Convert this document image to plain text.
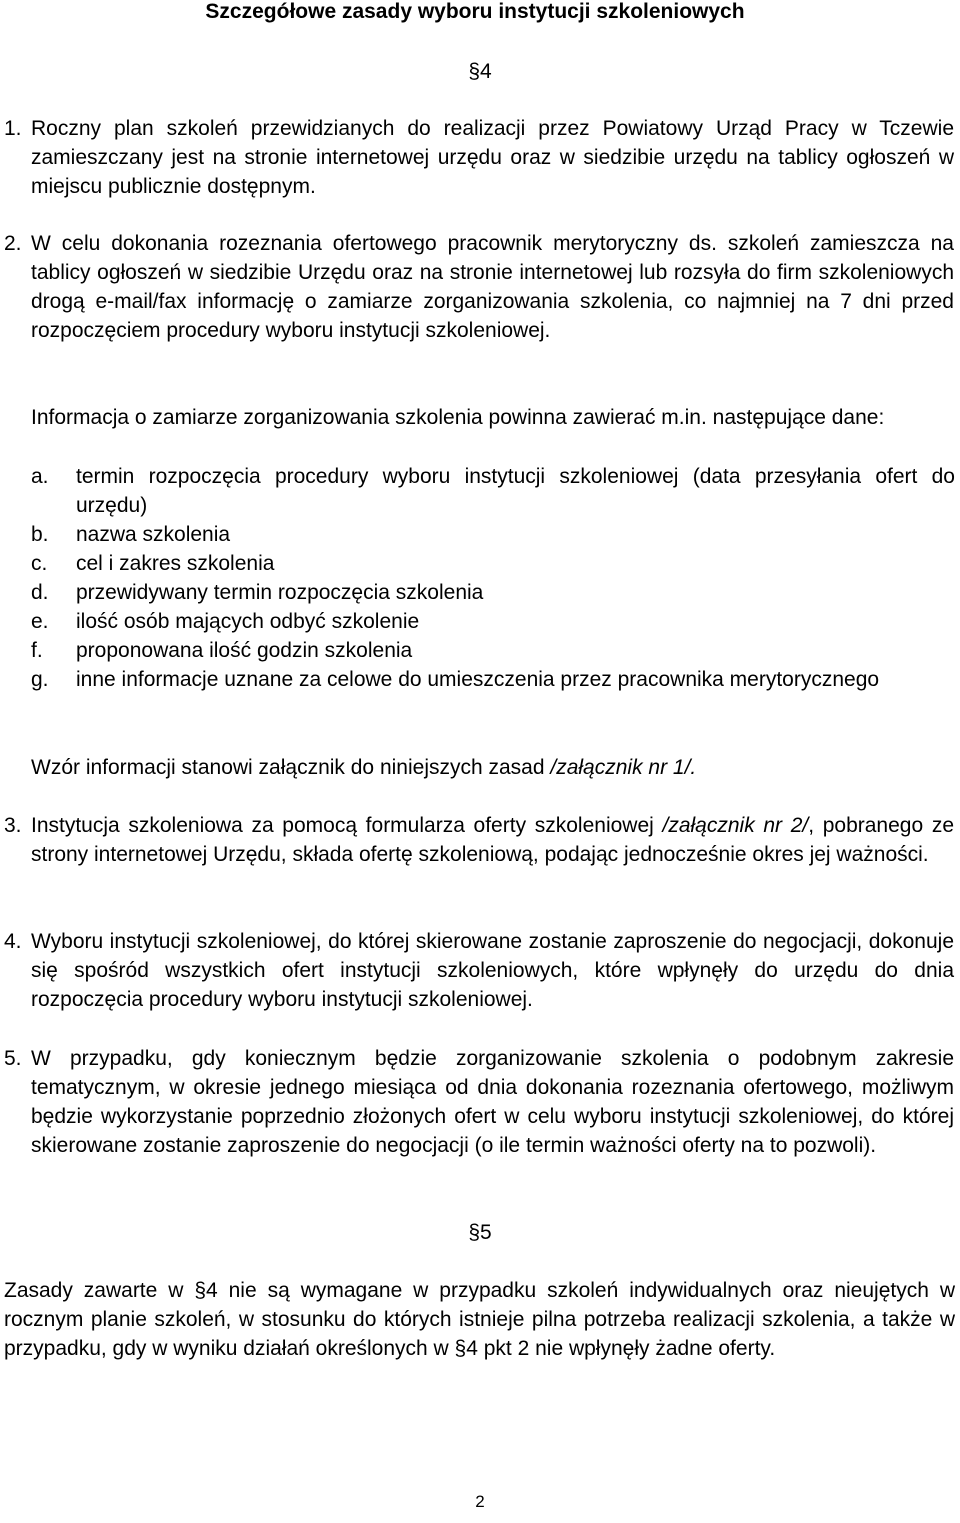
Szczegółowe zasady wyboru instytucji szkoleniowych
§4
1. Roczny plan szkoleń przewidzianych do realizacji przez Powiatowy Urząd Pracy w Tczewie zamieszczany jest na stronie internetowej urzędu oraz w siedzibie urzędu na tablicy ogłoszeń w miejscu publicznie dostępnym.
2. W celu dokonania rozeznania ofertowego pracownik merytoryczny ds. szkoleń zamieszcza na tablicy ogłoszeń w siedzibie Urzędu oraz na stronie internetowej lub rozsyła do firm szkoleniowych drogą e-mail/fax informację o zamiarze zorganizowania szkolenia, co najmniej na 7 dni przed rozpoczęciem procedury wyboru instytucji szkoleniowej.
Informacja o zamiarze zorganizowania szkolenia powinna zawierać m.in. następujące dane:
a. termin rozpoczęcia procedury wyboru instytucji szkoleniowej (data przesyłania ofert do urzędu)
b. nazwa szkolenia
c. cel i zakres szkolenia
d. przewidywany termin rozpoczęcia szkolenia
e. ilość osób mających odbyć szkolenie
f. proponowana ilość godzin szkolenia
g. inne informacje uznane za celowe do umieszczenia przez pracownika merytorycznego
Wzór informacji stanowi załącznik do niniejszych zasad /załącznik nr 1/.
3. Instytucja szkoleniowa za pomocą formularza oferty szkoleniowej /załącznik nr 2/, pobranego ze strony internetowej Urzędu, składa ofertę szkoleniową, podając jednocześnie okres jej ważności.
4. Wyboru instytucji szkoleniowej, do której skierowane zostanie zaproszenie do negocjacji, dokonuje się spośród wszystkich ofert instytucji szkoleniowych, które wpłynęły do urzędu do dnia rozpoczęcia procedury wyboru instytucji szkoleniowej.
5. W przypadku, gdy koniecznym będzie zorganizowanie szkolenia o podobnym zakresie tematycznym, w okresie jednego miesiąca od dnia dokonania rozeznania ofertowego, możliwym będzie wykorzystanie poprzednio złożonych ofert w celu wyboru instytucji szkoleniowej, do której skierowane zostanie zaproszenie do negocjacji (o ile termin ważności oferty na to pozwoli).
§5
Zasady zawarte w §4 nie są wymagane w przypadku szkoleń indywidualnych oraz nieujętych w rocznym planie szkoleń, w stosunku do których istnieje pilna potrzeba realizacji szkolenia, a także w przypadku, gdy w wyniku działań określonych w §4 pkt 2 nie wpłynęły żadne oferty.
2
